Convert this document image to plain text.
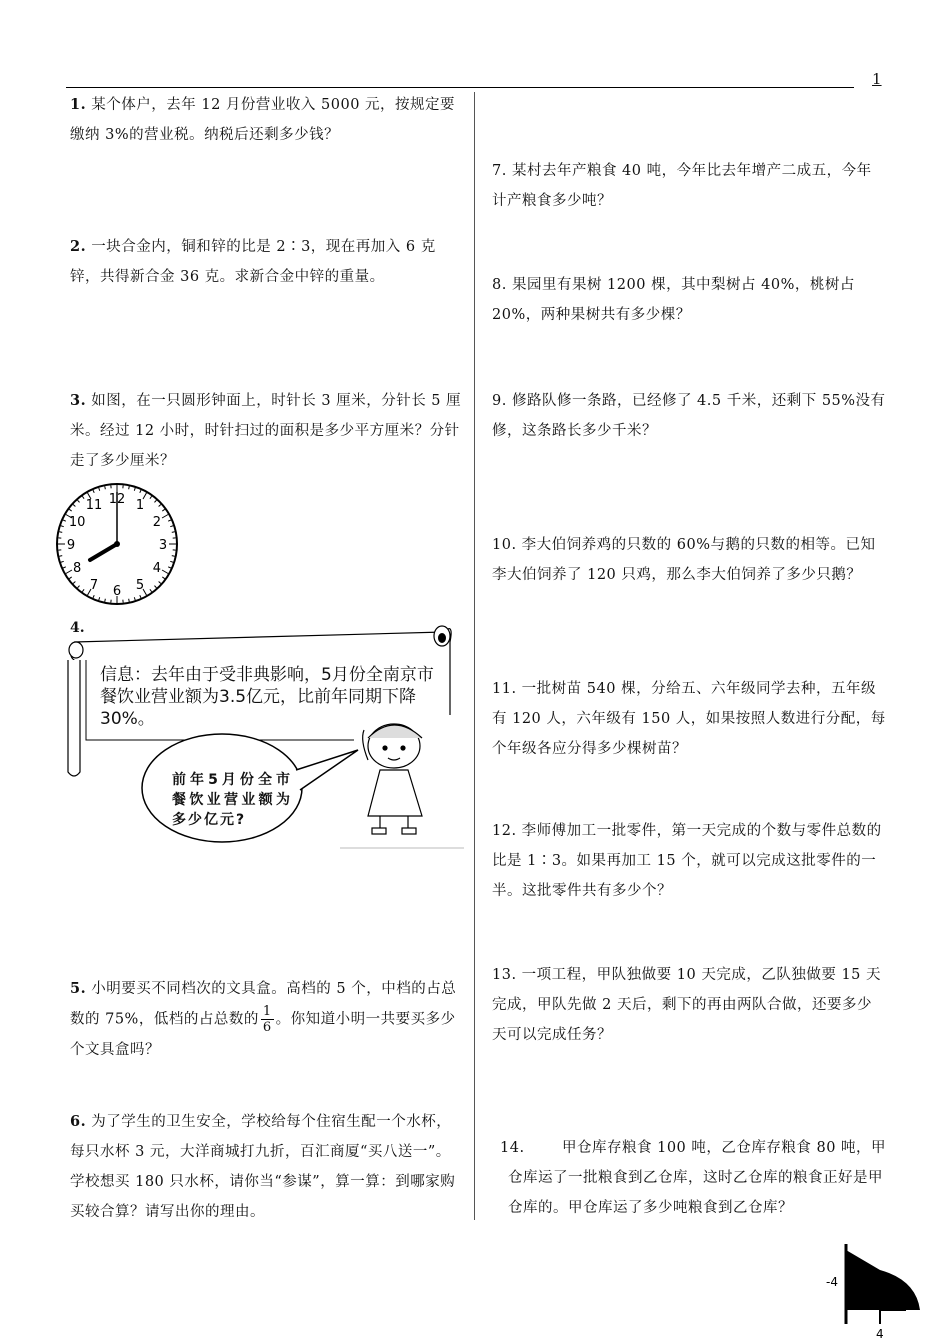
1
1. 某个体户，去年 12 月份营业收入 5000 元，按规定要缴纳 3%的营业税。纳税后还剩多少钱？
2. 一块合金内，铜和锌的比是 2∶3，现在再加入 6 克锌，共得新合金 36 克。求新合金中锌的重量。
3. 如图，在一只圆形钟面上，时针长 3 厘米，分针长 5 厘米。经过 12 小时，时针扫过的面积是多少平方厘米？分针走了多少厘米？
12 1
2
3
4
5
6
7
8
9
10
11
4.
信息：去年由于受非典影响，5月份全南京市餐饮业营业额为3.5亿元，比前年同期下降30%。
前年5月份全市餐饮业营业额为多少亿元?
5. 小明要买不同档次的文具盒。高档的 5 个，中档的占总数的 75%，低档的占总数的 $\frac{1}{6}$ 。你知道小明一共要买多少个文具盒吗？
6. 为了学生的卫生安全，学校给每个住宿生配一个水杯，每只水杯 3 元，大洋商城打九折，百汇商厦“买八送一”。学校想买 180 只水杯，请你当“参谋”，算一算：到哪家购买较合算？请写出你的理由。
7. 某村去年产粮食 40 吨，今年比去年增产二成五，今年计产粮食多少吨？
8. 果园里有果树 1200 棵，其中梨树占 40%，桃树占 20%，两种果树共有多少棵？
9. 修路队修一条路，已经修了 4.5 千米，还剩下 55%没有修，这条路长多少千米？
10. 李大伯饲养鸡的只数的 60%与鹅的只数的相等。已知李大伯饲养了 120 只鸡，那么李大伯饲养了多少只鹅？
11. 一批树苗 540 棵，分给五、六年级同学去种，五年级有 120 人，六年级有 150 人，如果按照人数进行分配，每个年级各应分得多少棵树苗？
12. 李师傅加工一批零件，第一天完成的个数与零件总数的比是 1∶3。如果再加工 15 个，就可以完成这批零件的一半。这批零件共有多少个？
13. 一项工程，甲队独做要 10 天完成，乙队独做要 15 天完成，甲队先做 2 天后，剩下的再由两队合做，还要多少天可以完成任务？
14.	甲仓库存粮食 100 吨，乙仓库存粮食 80 吨，甲仓库运了一批粮食到乙仓库，这时乙仓库的粮食正好是甲仓库的。甲仓库运了多少吨粮食到乙仓库？
-4
4
